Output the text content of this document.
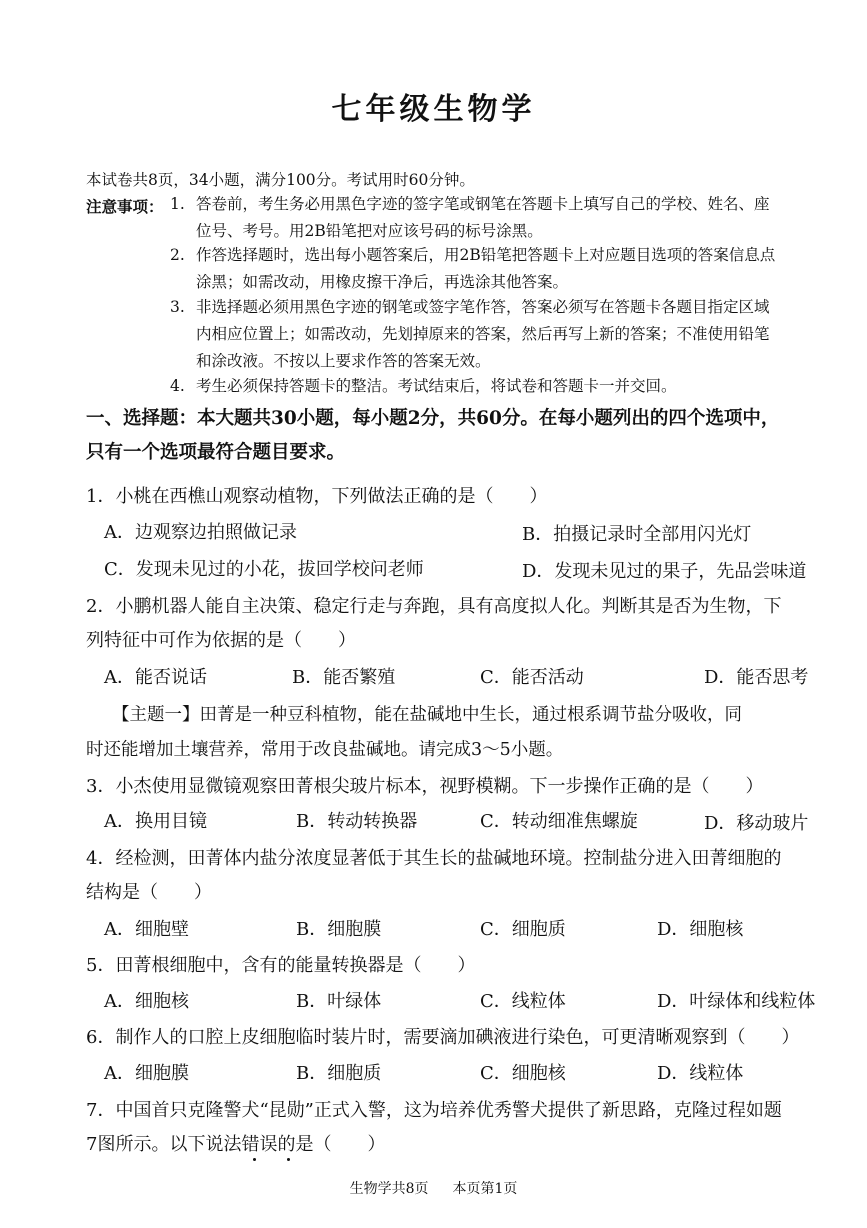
七年级生物学
本试卷共8页，34小题，满分100分。考试用时60分钟。
注意事项： 1. 答卷前，考生务必用黑色字迹的签字笔或钢笔在答题卡上填写自己的学校、姓名、座
位号、考号。用2B铅笔把对应该号码的标号涂黑。
2. 作答选择题时，选出每小题答案后，用2B铅笔把答题卡上对应题目选项的答案信息点
涂黑；如需改动，用橡皮擦干净后，再选涂其他答案。
3. 非选择题必须用黑色字迹的钢笔或签字笔作答，答案必须写在答题卡各题目指定区域
内相应位置上；如需改动，先划掉原来的答案，然后再写上新的答案；不准使用铅笔
和涂改液。不按以上要求作答的答案无效。
4. 考生必须保持答题卡的整洁。考试结束后，将试卷和答题卡一并交回。
一、选择题：本大题共30小题，每小题2分，共60分。在每小题列出的四个选项中，
只有一个选项最符合题目要求。
1．小桃在西樵山观察动植物，下列做法正确的是（　　）
A．边观察边拍照做记录	B．拍摄记录时全部用闪光灯
C．发现未见过的小花，拔回学校问老师	D．发现未见过的果子，先品尝味道
2．小鹏机器人能自主决策、稳定行走与奔跑，具有高度拟人化。判断其是否为生物，下
列特征中可作为依据的是（　　）
A．能否说话	B．能否繁殖	C．能否活动	D．能否思考
【主题一】田菁是一种豆科植物，能在盐碱地中生长，通过根系调节盐分吸收，同
时还能增加土壤营养，常用于改良盐碱地。请完成3～5小题。
3．小杰使用显微镜观察田菁根尖玻片标本，视野模糊。下一步操作正确的是（　　）
A．换用目镜	B．转动转换器	C．转动细准焦螺旋	D．移动玻片
4．经检测，田菁体内盐分浓度显著低于其生长的盐碱地环境。控制盐分进入田菁细胞的
结构是（　　）
A．细胞壁	B．细胞膜	C．细胞质	D．细胞核
5．田菁根细胞中，含有的能量转换器是（　　）
A．细胞核	B．叶绿体	C．线粒体	D．叶绿体和线粒体
6．制作人的口腔上皮细胞临时装片时，需要滴加碘液进行染色，可更清晰观察到（　　）
A．细胞膜	B．细胞质	C．细胞核	D．线粒体
7．中国首只克隆警犬“昆勋”正式入警，这为培养优秀警犬提供了新思路，克隆过程如题
7图所示。以下说法错误的是（　　）
生物学共8页 本页第1页
